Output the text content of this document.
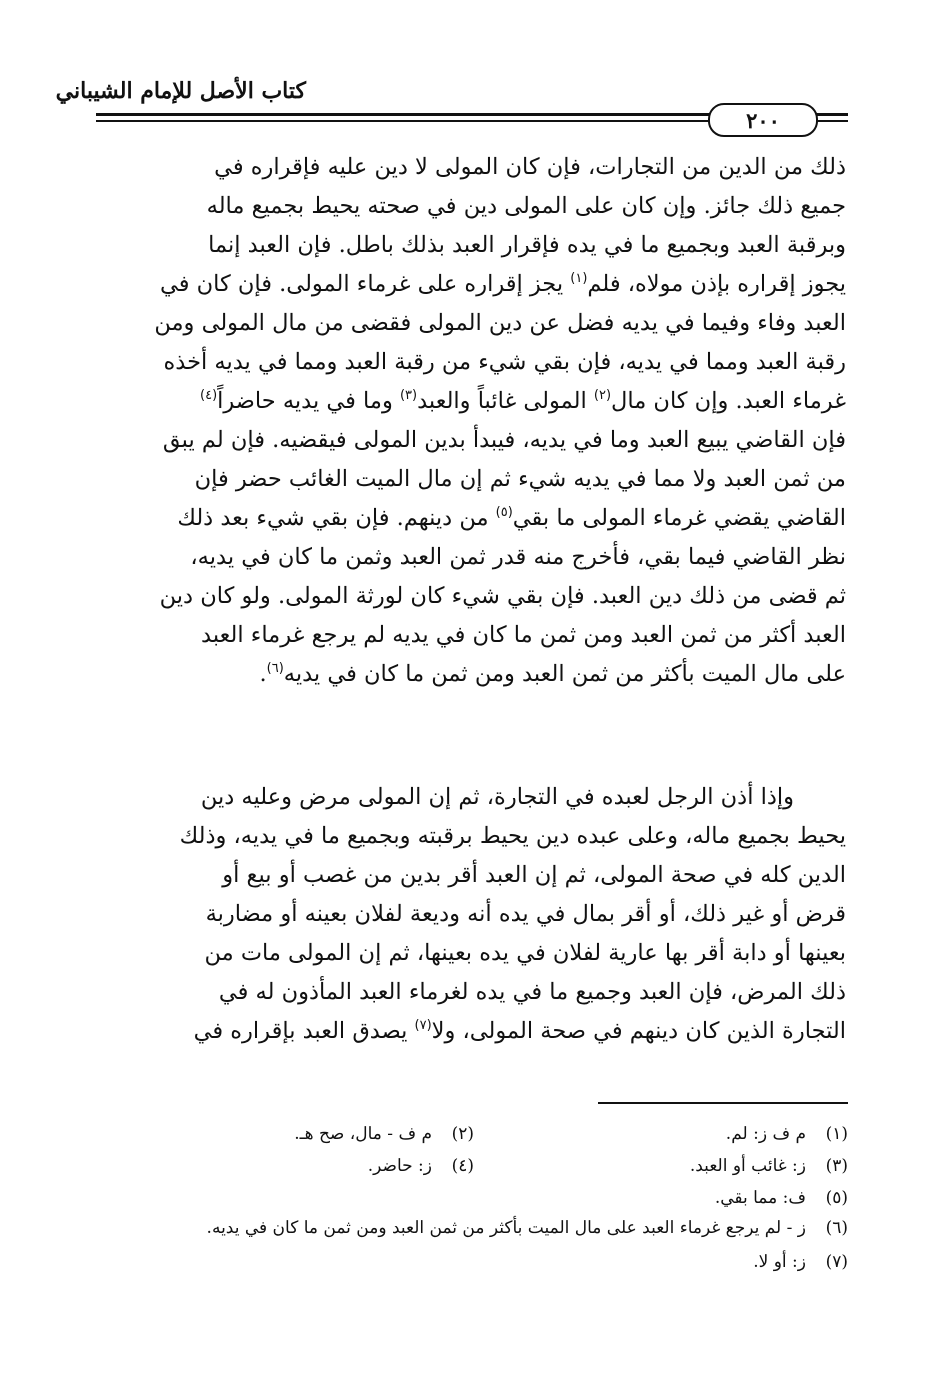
كتاب الأصل للإمام الشيباني
٢٠٠
ذلك من الدين من التجارات، فإن كان المولى لا دين عليه فإقراره في
جميع ذلك جائز. وإن كان على المولى دين في صحته يحيط بجميع ماله
وبرقبة العبد وبجميع ما في يده فإقرار العبد بذلك باطل. فإن العبد إنما
يجوز إقراره بإذن مولاه، فلم$^{(١)}$ يجز إقراره على غرماء المولى. فإن كان في
العبد وفاء وفيما في يديه فضل عن دين المولى فقضى من مال المولى ومن
رقبة العبد ومما في يديه، فإن بقي شيء من رقبة العبد ومما في يديه أخذه
غرماء العبد. وإن كان مال$^{(٢)}$ المولى غائباً والعبد$^{(٣)}$ وما في يديه حاضراً$^{(٤)}$
فإن القاضي يبيع العبد وما في يديه، فيبدأ بدين المولى فيقضيه. فإن لم يبق
من ثمن العبد ولا مما في يديه شيء ثم إن مال الميت الغائب حضر فإن
القاضي يقضي غرماء المولى ما بقي$^{(٥)}$ من دينهم. فإن بقي شيء بعد ذلك
نظر القاضي فيما بقي، فأخرج منه قدر ثمن العبد وثمن ما كان في يديه،
ثم قضى من ذلك دين العبد. فإن بقي شيء كان لورثة المولى. ولو كان دين
العبد أكثر من ثمن العبد ومن ثمن ما كان في يديه لم يرجع غرماء العبد
على مال الميت بأكثر من ثمن العبد ومن ثمن ما كان في يديه$^{(٦)}$.
وإذا أذن الرجل لعبده في التجارة، ثم إن المولى مرض وعليه دين
يحيط بجميع ماله، وعلى عبده دين يحيط برقبته وبجميع ما في يديه، وذلك
الدين كله في صحة المولى، ثم إن العبد أقر بدين من غصب أو بيع أو
قرض أو غير ذلك، أو أقر بمال في يده أنه وديعة لفلان بعينه أو مضاربة
بعينها أو دابة أقر بها عارية لفلان في يده بعينها، ثم إن المولى مات من
ذلك المرض، فإن العبد وجميع ما في يده لغرماء العبد المأذون له في
التجارة الذين كان دينهم في صحة المولى، ولا$^{(٧)}$ يصدق العبد بإقراره في
(١)م ف ز: لم.
(٢)م ف - مال، صح هـ.
(٣)ز: غائب أو العبد.
(٤)ز: حاضر.
(٥)
ف: مما بقي.
(٦)
ز - لم يرجع غرماء العبد على مال الميت بأكثر من ثمن العبد ومن ثمن ما كان في يديه.
(٧)
ز: أو لا.
